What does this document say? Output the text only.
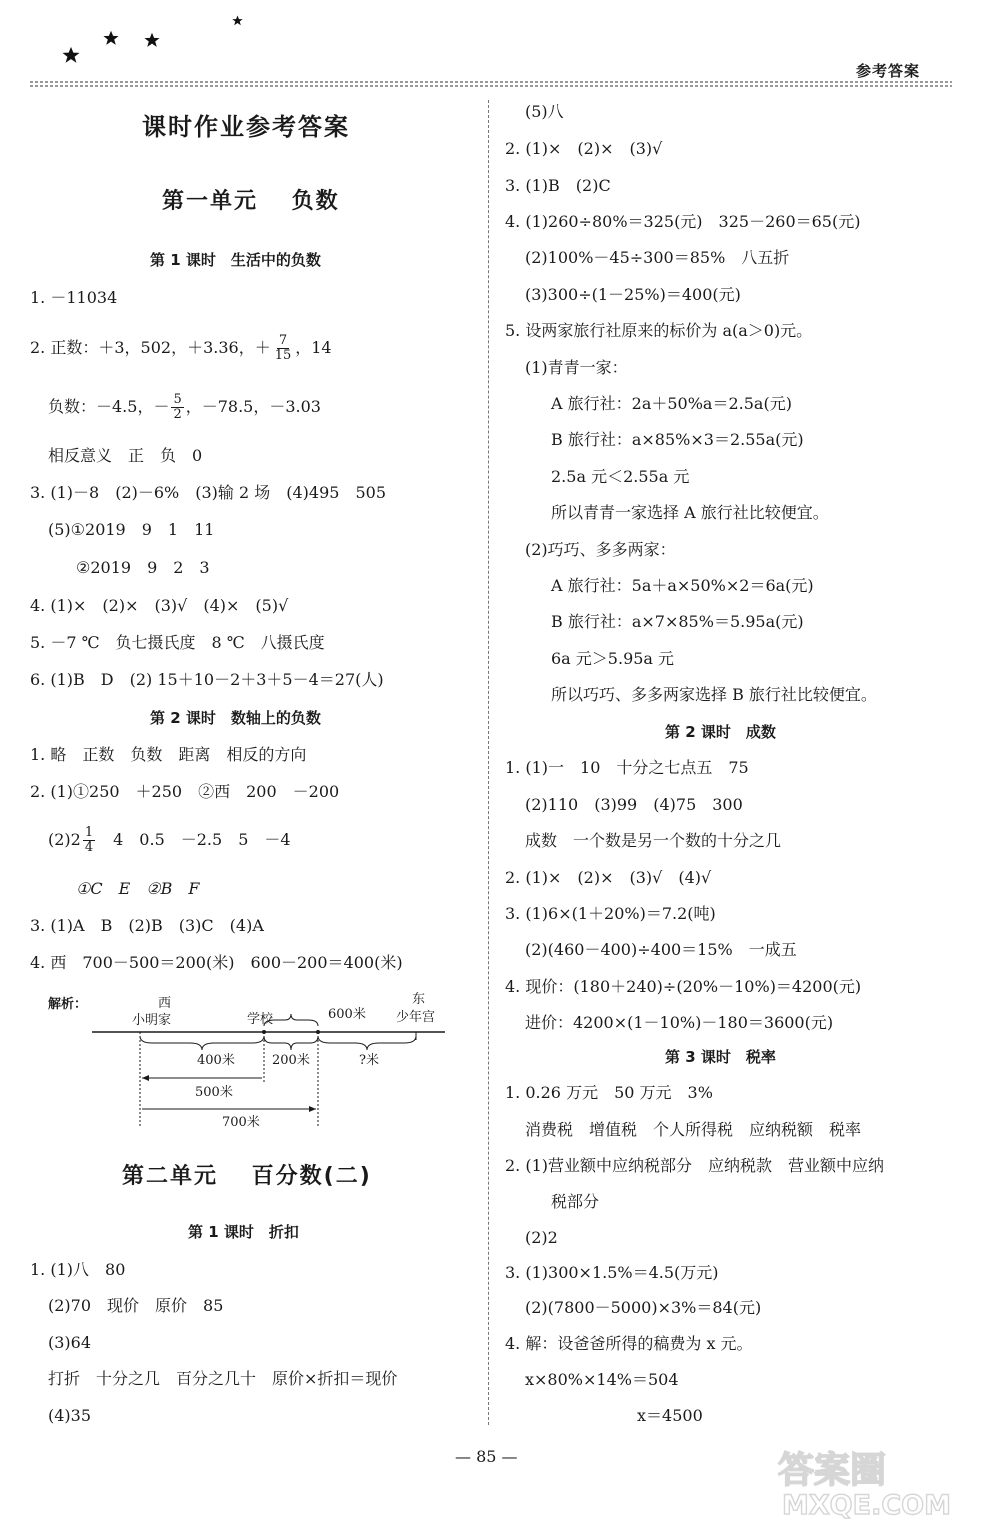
参考答案
课时作业参考答案
第一单元　 负数
第 1 课时　生活中的负数
1. －11034
2. 正数：＋3，502，＋3.36，＋ $\frac{7}{15}$ ，14
负数：－4.5，－ $\frac{5}{2}$ ，－78.5，－3.03
相反意义　正　负　0
3. (1)－8　(2)－6%　(3)输 2 场　(4)495　505
(5)①2019　9　1　11
②2019　9　2　3
4. (1)×　(2)×　(3)√　(4)×　(5)√
5. －7 ℃　负七摄氏度　8 ℃　八摄氏度
6. (1)B　D　(2) 15＋10－2＋3＋5－4＝27(人)
第 2 课时　数轴上的负数
1. 略　正数　负数　距离　相反的方向
2. (1)①250　＋250　②西　200　－200
$(2)2 \frac{1}{4}$ 　4　0.5　－2.5　5　－4
①C　E　②B　F
3. (1)A　B　(2)B　(3)C　(4)A
4. 西　700－500＝200(米)　600－200＝400(米)
第二单元　 百分数(二)
第 1 课时　折扣
1. (1)八　80
(2)70　现价　原价　85
(3)64
打折　十分之几　百分之几十　原价×折扣＝现价
(4)35
解析：	西	东
小明家	学校	少年宫
600米
400米	200米	?米
500米
700米
(5)八
2. (1)×　(2)×　(3)√
3. (1)B　(2)C
4. (1)260÷80%＝325(元)　325－260＝65(元)
(2)100%－45÷300＝85%　八五折
(3)300÷(1－25%)＝400(元)
5. 设两家旅行社原来的标价为 a(a＞0)元。
(1)青青一家：
A 旅行社：2a＋50%a＝2.5a(元)
B 旅行社：a×85%×3＝2.55a(元)
2.5a 元＜2.55a 元
所以青青一家选择 A 旅行社比较便宜。
(2)巧巧、多多两家：
A 旅行社：5a＋a×50%×2＝6a(元)
B 旅行社：a×7×85%＝5.95a(元)
6a 元＞5.95a 元
所以巧巧、多多两家选择 B 旅行社比较便宜。
第 2 课时　成数
1. (1)一　10　十分之七点五　75
(2)110　(3)99　(4)75　300
成数　一个数是另一个数的十分之几
2. (1)×　(2)×　(3)√　(4)√
3. (1)6×(1＋20%)＝7.2(吨)
(2)(460－400)÷400＝15%　一成五
4. 现价：(180＋240)÷(20%－10%)＝4200(元)
进价：4200×(1－10%)－180＝3600(元)
第 3 课时　税率
1. 0.26 万元　50 万元　3%
消费税　增值税　个人所得税　应纳税额　税率
2. (1)营业额中应纳税部分　应纳税款　营业额中应纳
税部分
(2)2
3. (1)300×1.5%＝4.5(万元)
(2)(7800－5000)×3%＝84(元)
4. 解：设爸爸所得的稿费为 x 元。
x×80%×14%＝504
x＝4500
— 85 —	答案圈
MXQE.COM
